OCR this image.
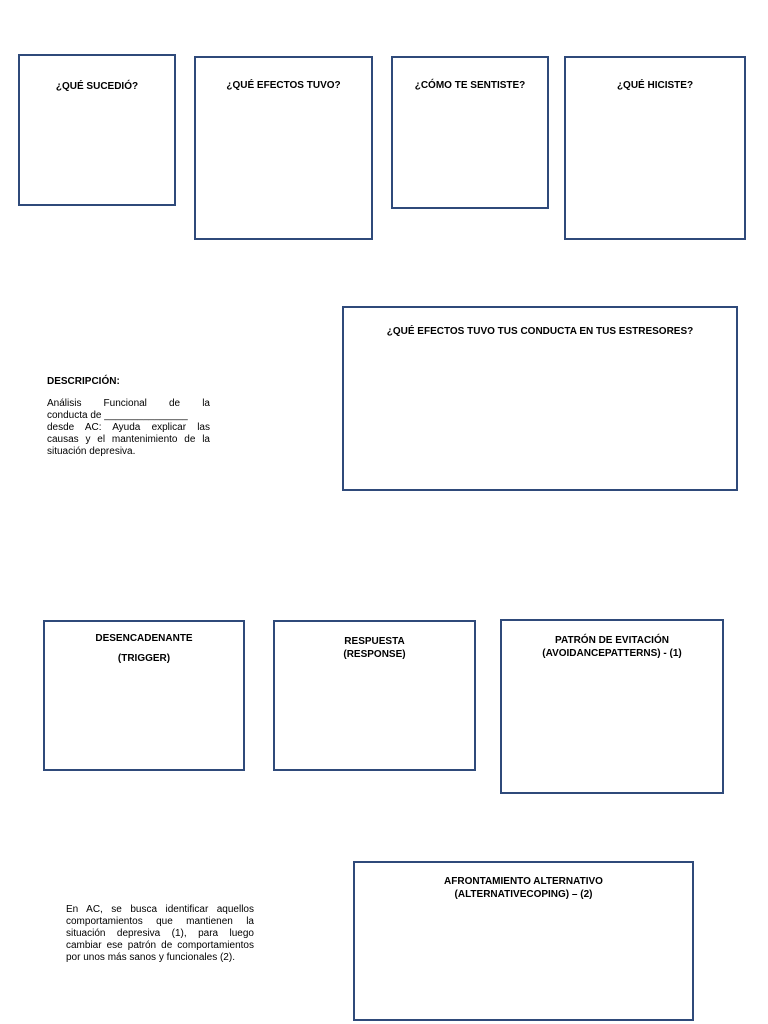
¿QUÉ SUCEDIÓ?	¿QUÉ EFECTOS TUVO?	¿CÓMO TE SENTISTE?	¿QUÉ HICISTE?

¿QUÉ EFECTOS TUVO TUS CONDUCTA EN TUS ESTRESORES?

DESCRIPCIÓN:
Análisis Funcional de la
conducta de _______________
desde AC: Ayuda explicar las causas y el mantenimiento de la situación depresiva.

DESENCADENANTE

(TRIGGER)

RESPUESTA

(RESPONSE)

PATRÓN DE EVITACIÓN

(AVOIDANCEPATTERNS) - (1)

AFRONTAMIENTO ALTERNATIVO

(ALTERNATIVECOPING) – (2)

En AC, se busca identificar aquellos comportamientos que mantienen la situación depresiva (1), para luego cambiar ese patrón de comportamientos por unos más sanos y funcionales (2).
